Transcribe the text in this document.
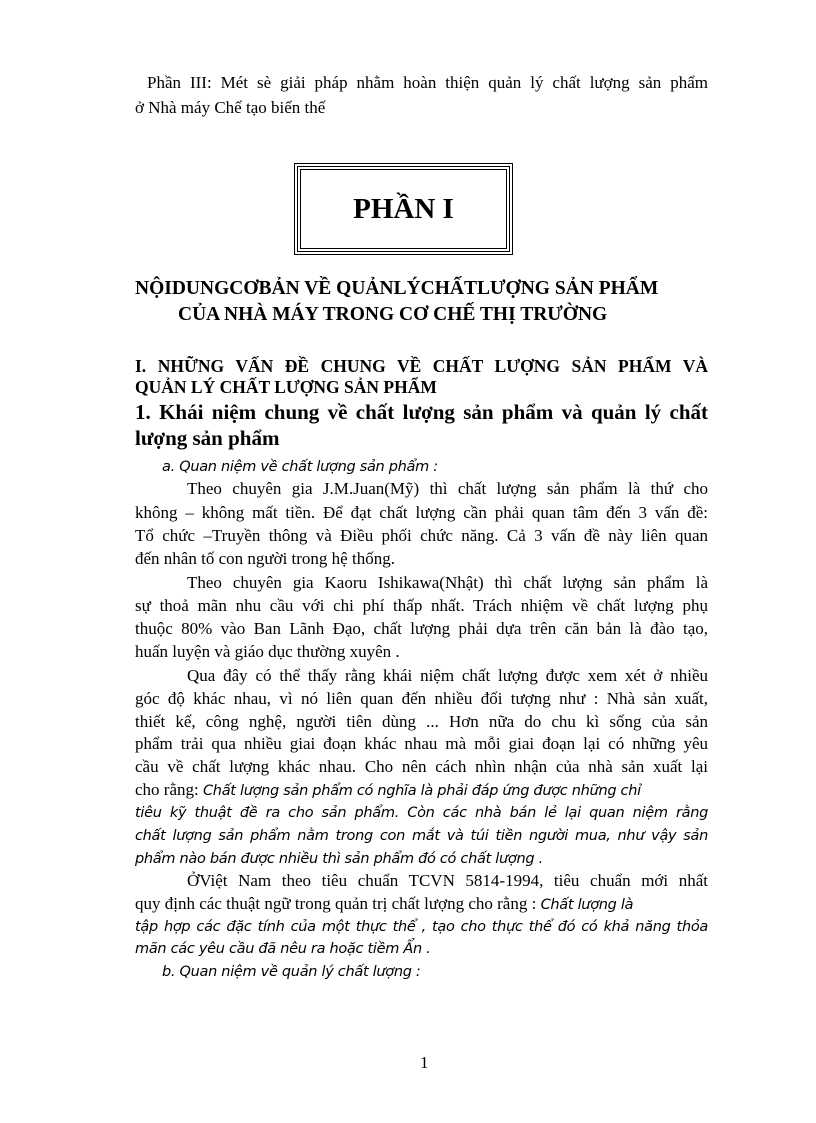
Phần III: Mét sè giải pháp nhằm hoàn thiện quản lý chất lượng sản phẩm
ở Nhà máy Chế tạo biến thế
PHẦN I
NỘIDUNGCƠBẢN VỀ QUẢNLÝCHẤTLƯỢNG SẢN PHẨM
CỦA NHÀ MÁY TRONG CƠ CHẾ THỊ TRƯỜNG
I. NHỮNG VẤN ĐỀ CHUNG VỀ CHẤT LƯỢNG SẢN PHẨM VÀ
QUẢN LÝ CHẤT LƯỢNG SẢN PHẨM
1. Khái niệm chung về chất lượng sản phẩm và quản lý chất
lượng sản phẩm
a. Quan niệm về chất lượng sản phẩm :
Theo chuyên gia J.M.Juan(Mỹ) thì chất lượng sản phẩm là thứ cho
không – không mất tiền. Để đạt chất lượng cần phải quan tâm đến 3 vấn đề:
Tổ chức –Truyền thông và Điều phối chức năng. Cả 3 vấn đề này liên quan
đến nhân tố con người trong hệ thống.
Theo chuyên gia Kaoru Ishikawa(Nhật) thì chất lượng sản phẩm là
sự thoả mãn nhu cầu với chi phí thấp nhất. Trách nhiệm về chất lượng phụ
thuộc 80% vào Ban Lãnh Đạo, chất lượng phải dựa trên căn bản là đào tạo,
huấn luyện và giáo dục thường xuyên .
Qua đây có thể thấy rằng khái niệm chất lượng được xem xét ở nhiều
góc độ khác nhau, vì nó liên quan đến nhiều đối tượng như : Nhà sản xuất,
thiết kế, công nghệ, người tiên dùng ... Hơn nữa do chu kì sống của sản
phẩm trải qua nhiều giai đoạn khác nhau mà mỗi giai đoạn lại có những yêu
cầu về chất lượng khác nhau. Cho nên cách nhìn nhận của nhà sản xuất lại
cho rằng: Chất lượng sản phẩm có nghĩa là phải đáp ứng được những chỉ
tiêu kỹ thuật đề ra cho sản phẩm. Còn các nhà bán lẻ lại quan niệm rằng
chất lượng sản phẩm nằm trong con mắt và túi tiền người mua, như vậy sản
phẩm nào bán được nhiều thì sản phẩm đó có chất lượng .
ỞViệt Nam theo tiêu chuẩn TCVN 5814-1994, tiêu chuẩn mới nhất
quy định các thuật ngữ trong quản trị chất lượng cho rằng : Chất lượng là
tập hợp các đặc tính của một thực thể , tạo cho thực thể đó có khả năng thỏa
mãn các yêu cầu đã nêu ra hoặc tiềm Ẩn .
b. Quan niệm về quản lý chất lượng :
1
